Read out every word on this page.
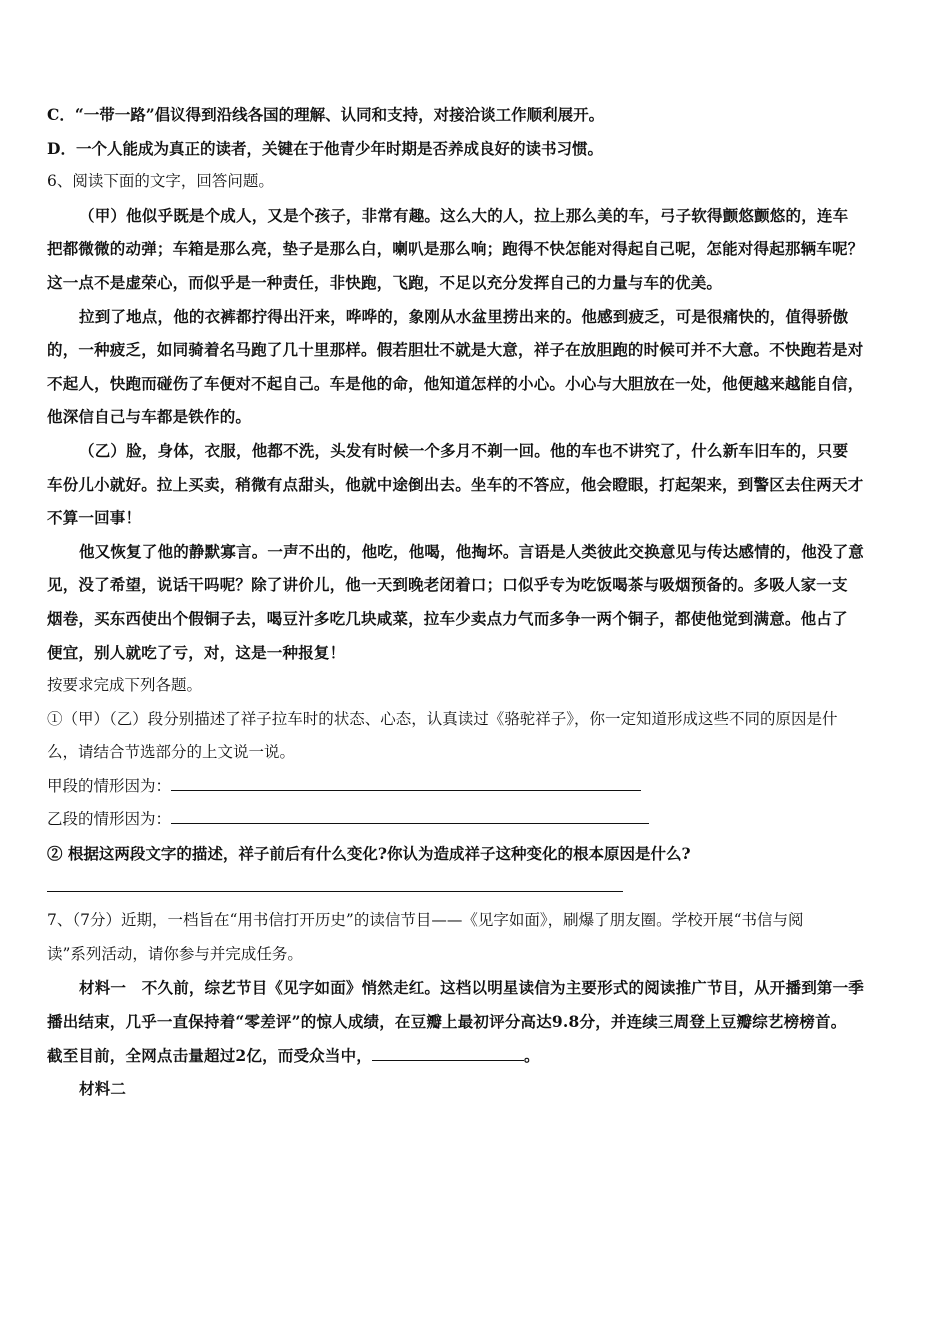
C．“一带一路”倡议得到沿线各国的理解、认同和支持，对接洽谈工作顺利展开。
D．一个人能成为真正的读者，关键在于他青少年时期是否养成良好的读书习惯。
6、阅读下面的文字，回答问题。
（甲）他似乎既是个成人，又是个孩子，非常有趣。这么大的人，拉上那么美的车，弓子软得颤悠颤悠的，连车
把都微微的动弹；车箱是那么亮，垫子是那么白，喇叭是那么响；跑得不快怎能对得起自己呢，怎能对得起那辆车呢？
这一点不是虚荣心，而似乎是一种责任，非快跑，飞跑，不足以充分发挥自己的力量与车的优美。
拉到了地点，他的衣裤都拧得出汗来，哗哗的，象刚从水盆里捞出来的。他感到疲乏，可是很痛快的，值得骄傲
的，一种疲乏，如同骑着名马跑了几十里那样。假若胆壮不就是大意，祥子在放胆跑的时候可并不大意。不快跑若是对
不起人，快跑而碰伤了车便对不起自己。车是他的命，他知道怎样的小心。小心与大胆放在一处，他便越来越能自信，
他深信自己与车都是铁作的。
（乙）脸，身体，衣服，他都不洗，头发有时候一个多月不剃一回。他的车也不讲究了，什么新车旧车的，只要
车份儿小就好。拉上买卖，稍微有点甜头，他就中途倒出去。坐车的不答应，他会瞪眼，打起架来，到警区去住两天才
不算一回事！
他又恢复了他的静默寡言。一声不出的，他吃，他喝，他掏坏。言语是人类彼此交换意见与传达感情的，他没了意
见，没了希望，说话干吗呢？除了讲价儿，他一天到晚老闭着口；口似乎专为吃饭喝茶与吸烟预备的。多吸人家一支
烟卷，买东西使出个假铜子去，喝豆汁多吃几块咸菜，拉车少卖点力气而多争一两个铜子，都使他觉到满意。他占了
便宜，别人就吃了亏，对，这是一种报复！
按要求完成下列各题。
①（甲）（乙）段分别描述了祥子拉车时的状态、心态，认真读过《骆驼祥子》，你一定知道形成这些不同的原因是什
么，请结合节选部分的上文说一说。
甲段的情形因为：
乙段的情形因为：
② 根据这两段文字的描述，祥子前后有什么变化?你认为造成祥子这种变化的根本原因是什么?
7、（7分）近期，一档旨在“用书信打开历史”的读信节目——《见字如面》，刷爆了朋友圈。学校开展“书信与阅
读”系列活动，请你参与并完成任务。
材料一　不久前，综艺节目《见字如面》悄然走红。这档以明星读信为主要形式的阅读推广节目，从开播到第一季
播出结束，几乎一直保持着“零差评”的惊人成绩，在豆瓣上最初评分高达9.8分，并连续三周登上豆瓣综艺榜榜首。
截至目前，全网点击量超过2亿，而受众当中，	。
材料二
